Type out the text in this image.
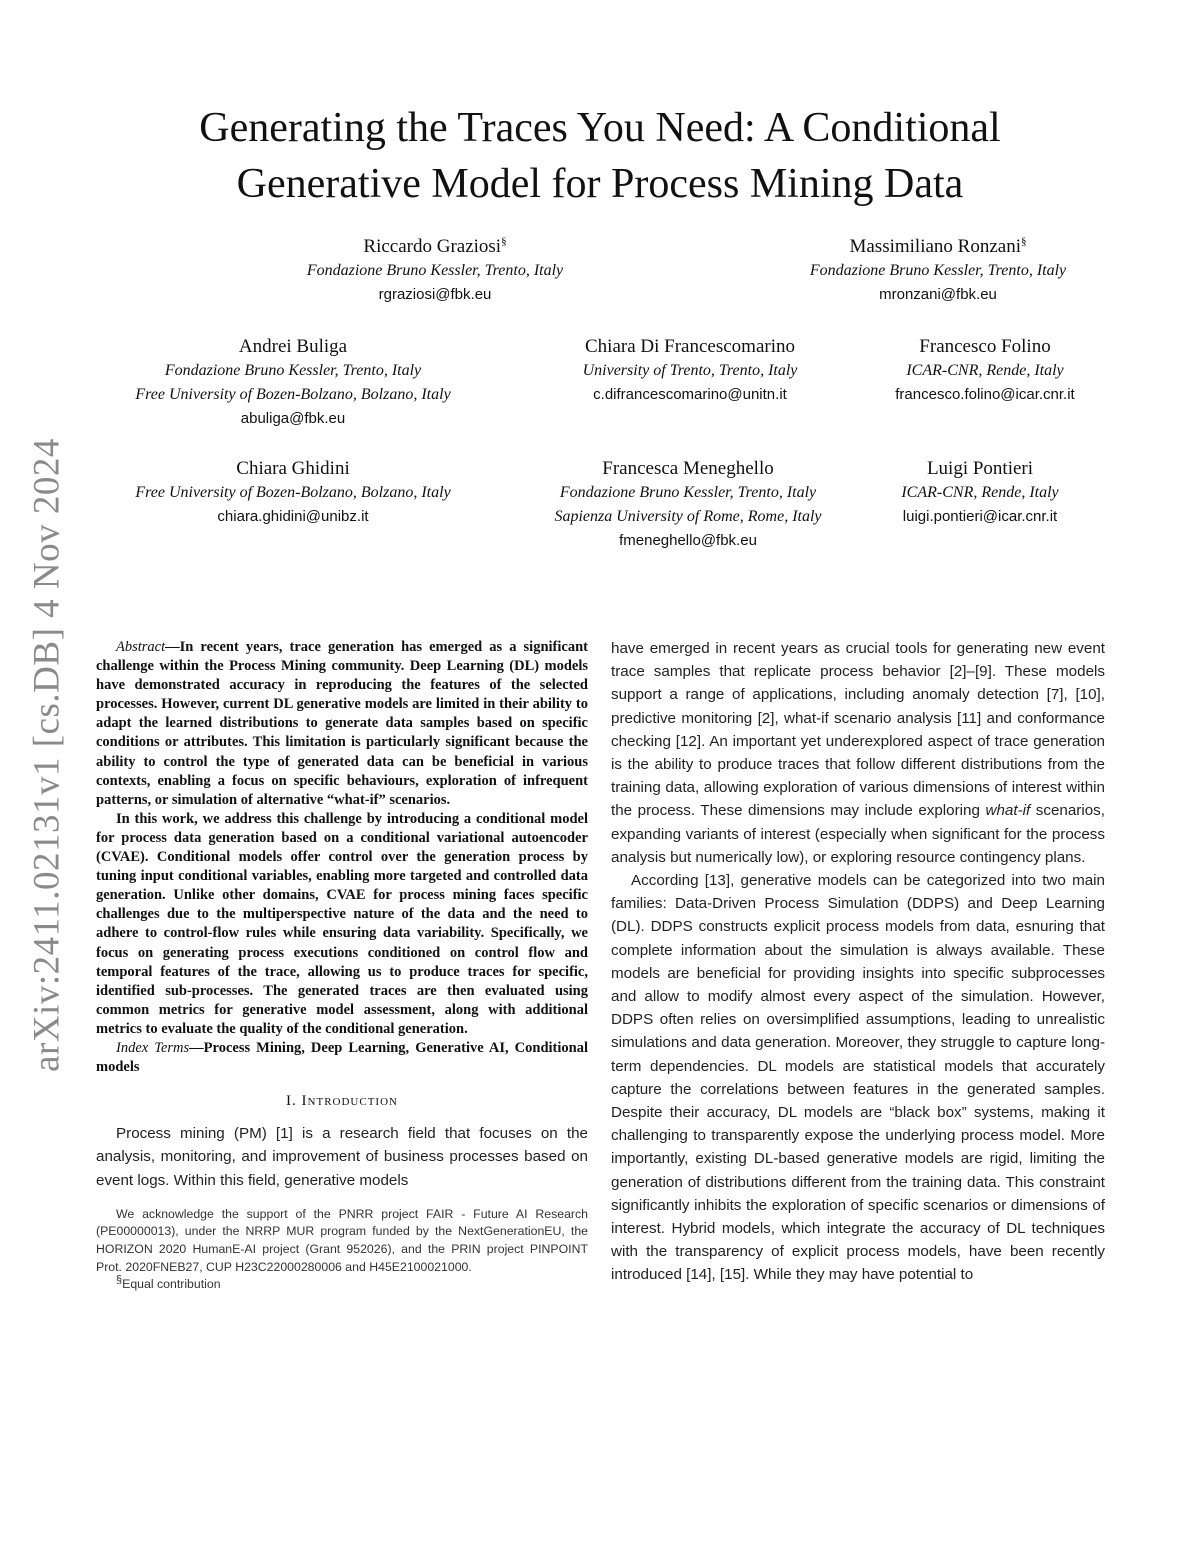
arXiv:2411.02131v1 [cs.DB] 4 Nov 2024
Generating the Traces You Need: A Conditional
Generative Model for Process Mining Data
Riccardo Graziosi§
Fondazione Bruno Kessler, Trento, Italy
rgraziosi@fbk.eu
Massimiliano Ronzani§
Fondazione Bruno Kessler, Trento, Italy
mronzani@fbk.eu
Andrei Buliga
Fondazione Bruno Kessler, Trento, Italy
Free University of Bozen-Bolzano, Bolzano, Italy
abuliga@fbk.eu
Chiara Di Francescomarino
University of Trento, Trento, Italy
c.difrancescomarino@unitn.it
Francesco Folino
ICAR-CNR, Rende, Italy
francesco.folino@icar.cnr.it
Chiara Ghidini
Free University of Bozen-Bolzano, Bolzano, Italy
chiara.ghidini@unibz.it
Francesca Meneghello
Fondazione Bruno Kessler, Trento, Italy
Sapienza University of Rome, Rome, Italy
fmeneghello@fbk.eu
Luigi Pontieri
ICAR-CNR, Rende, Italy
luigi.pontieri@icar.cnr.it

Abstract—In recent years, trace generation has emerged as a significant challenge within the Process Mining community. Deep Learning (DL) models have demonstrated accuracy in reproducing the features of the selected processes. However, current DL generative models are limited in their ability to adapt the learned distributions to generate data samples based on specific conditions or attributes. This limitation is particularly significant because the ability to control the type of generated data can be beneficial in various contexts, enabling a focus on specific behaviours, exploration of infrequent patterns, or simulation of alternative “what-if” scenarios.

In this work, we address this challenge by introducing a conditional model for process data generation based on a conditional variational autoencoder (CVAE). Conditional models offer control over the generation process by tuning input conditional variables, enabling more targeted and controlled data generation. Unlike other domains, CVAE for process mining faces specific challenges due to the multiperspective nature of the data and the need to adhere to control-flow rules while ensuring data variability. Specifically, we focus on generating process executions conditioned on control flow and temporal features of the trace, allowing us to produce traces for specific, identified sub-processes. The generated traces are then evaluated using common metrics for generative model assessment, along with additional metrics to evaluate the quality of the conditional generation.

Index Terms—Process Mining, Deep Learning, Generative AI, Conditional models

I. Introduction

Process mining (PM) [1] is a research field that focuses on the analysis, monitoring, and improvement of business processes based on event logs. Within this field, generative models

We acknowledge the support of the PNRR project FAIR - Future AI Research (PE00000013), under the NRRP MUR program funded by the NextGenerationEU, the HORIZON 2020 HumanE-AI project (Grant 952026), and the PRIN project PINPOINT Prot. 2020FNEB27, CUP H23C22000280006 and H45E2100021000.

§Equal contribution

have emerged in recent years as crucial tools for generating new event trace samples that replicate process behavior [2]–[9]. These models support a range of applications, including anomaly detection [7], [10], predictive monitoring [2], what-if scenario analysis [11] and conformance checking [12]. An important yet underexplored aspect of trace generation is the ability to produce traces that follow different distributions from the training data, allowing exploration of various dimensions of interest within the process. These dimensions may include exploring what-if scenarios, expanding variants of interest (especially when significant for the process analysis but numerically low), or exploring resource contingency plans.

According [13], generative models can be categorized into two main families: Data-Driven Process Simulation (DDPS) and Deep Learning (DL). DDPS constructs explicit process models from data, esnuring that complete information about the simulation is always available. These models are beneficial for providing insights into specific subprocesses and allow to modify almost every aspect of the simulation. However, DDPS often relies on oversimplified assumptions, leading to unrealistic simulations and data generation. Moreover, they struggle to capture long-term dependencies. DL models are statistical models that accurately capture the correlations between features in the generated samples. Despite their accuracy, DL models are “black box” systems, making it challenging to transparently expose the underlying process model. More importantly, existing DL-based generative models are rigid, limiting the generation of distributions different from the training data. This constraint significantly inhibits the exploration of specific scenarios or dimensions of interest. Hybrid models, which integrate the accuracy of DL techniques with the transparency of explicit process models, have been recently introduced [14], [15]. While they may have potential to
